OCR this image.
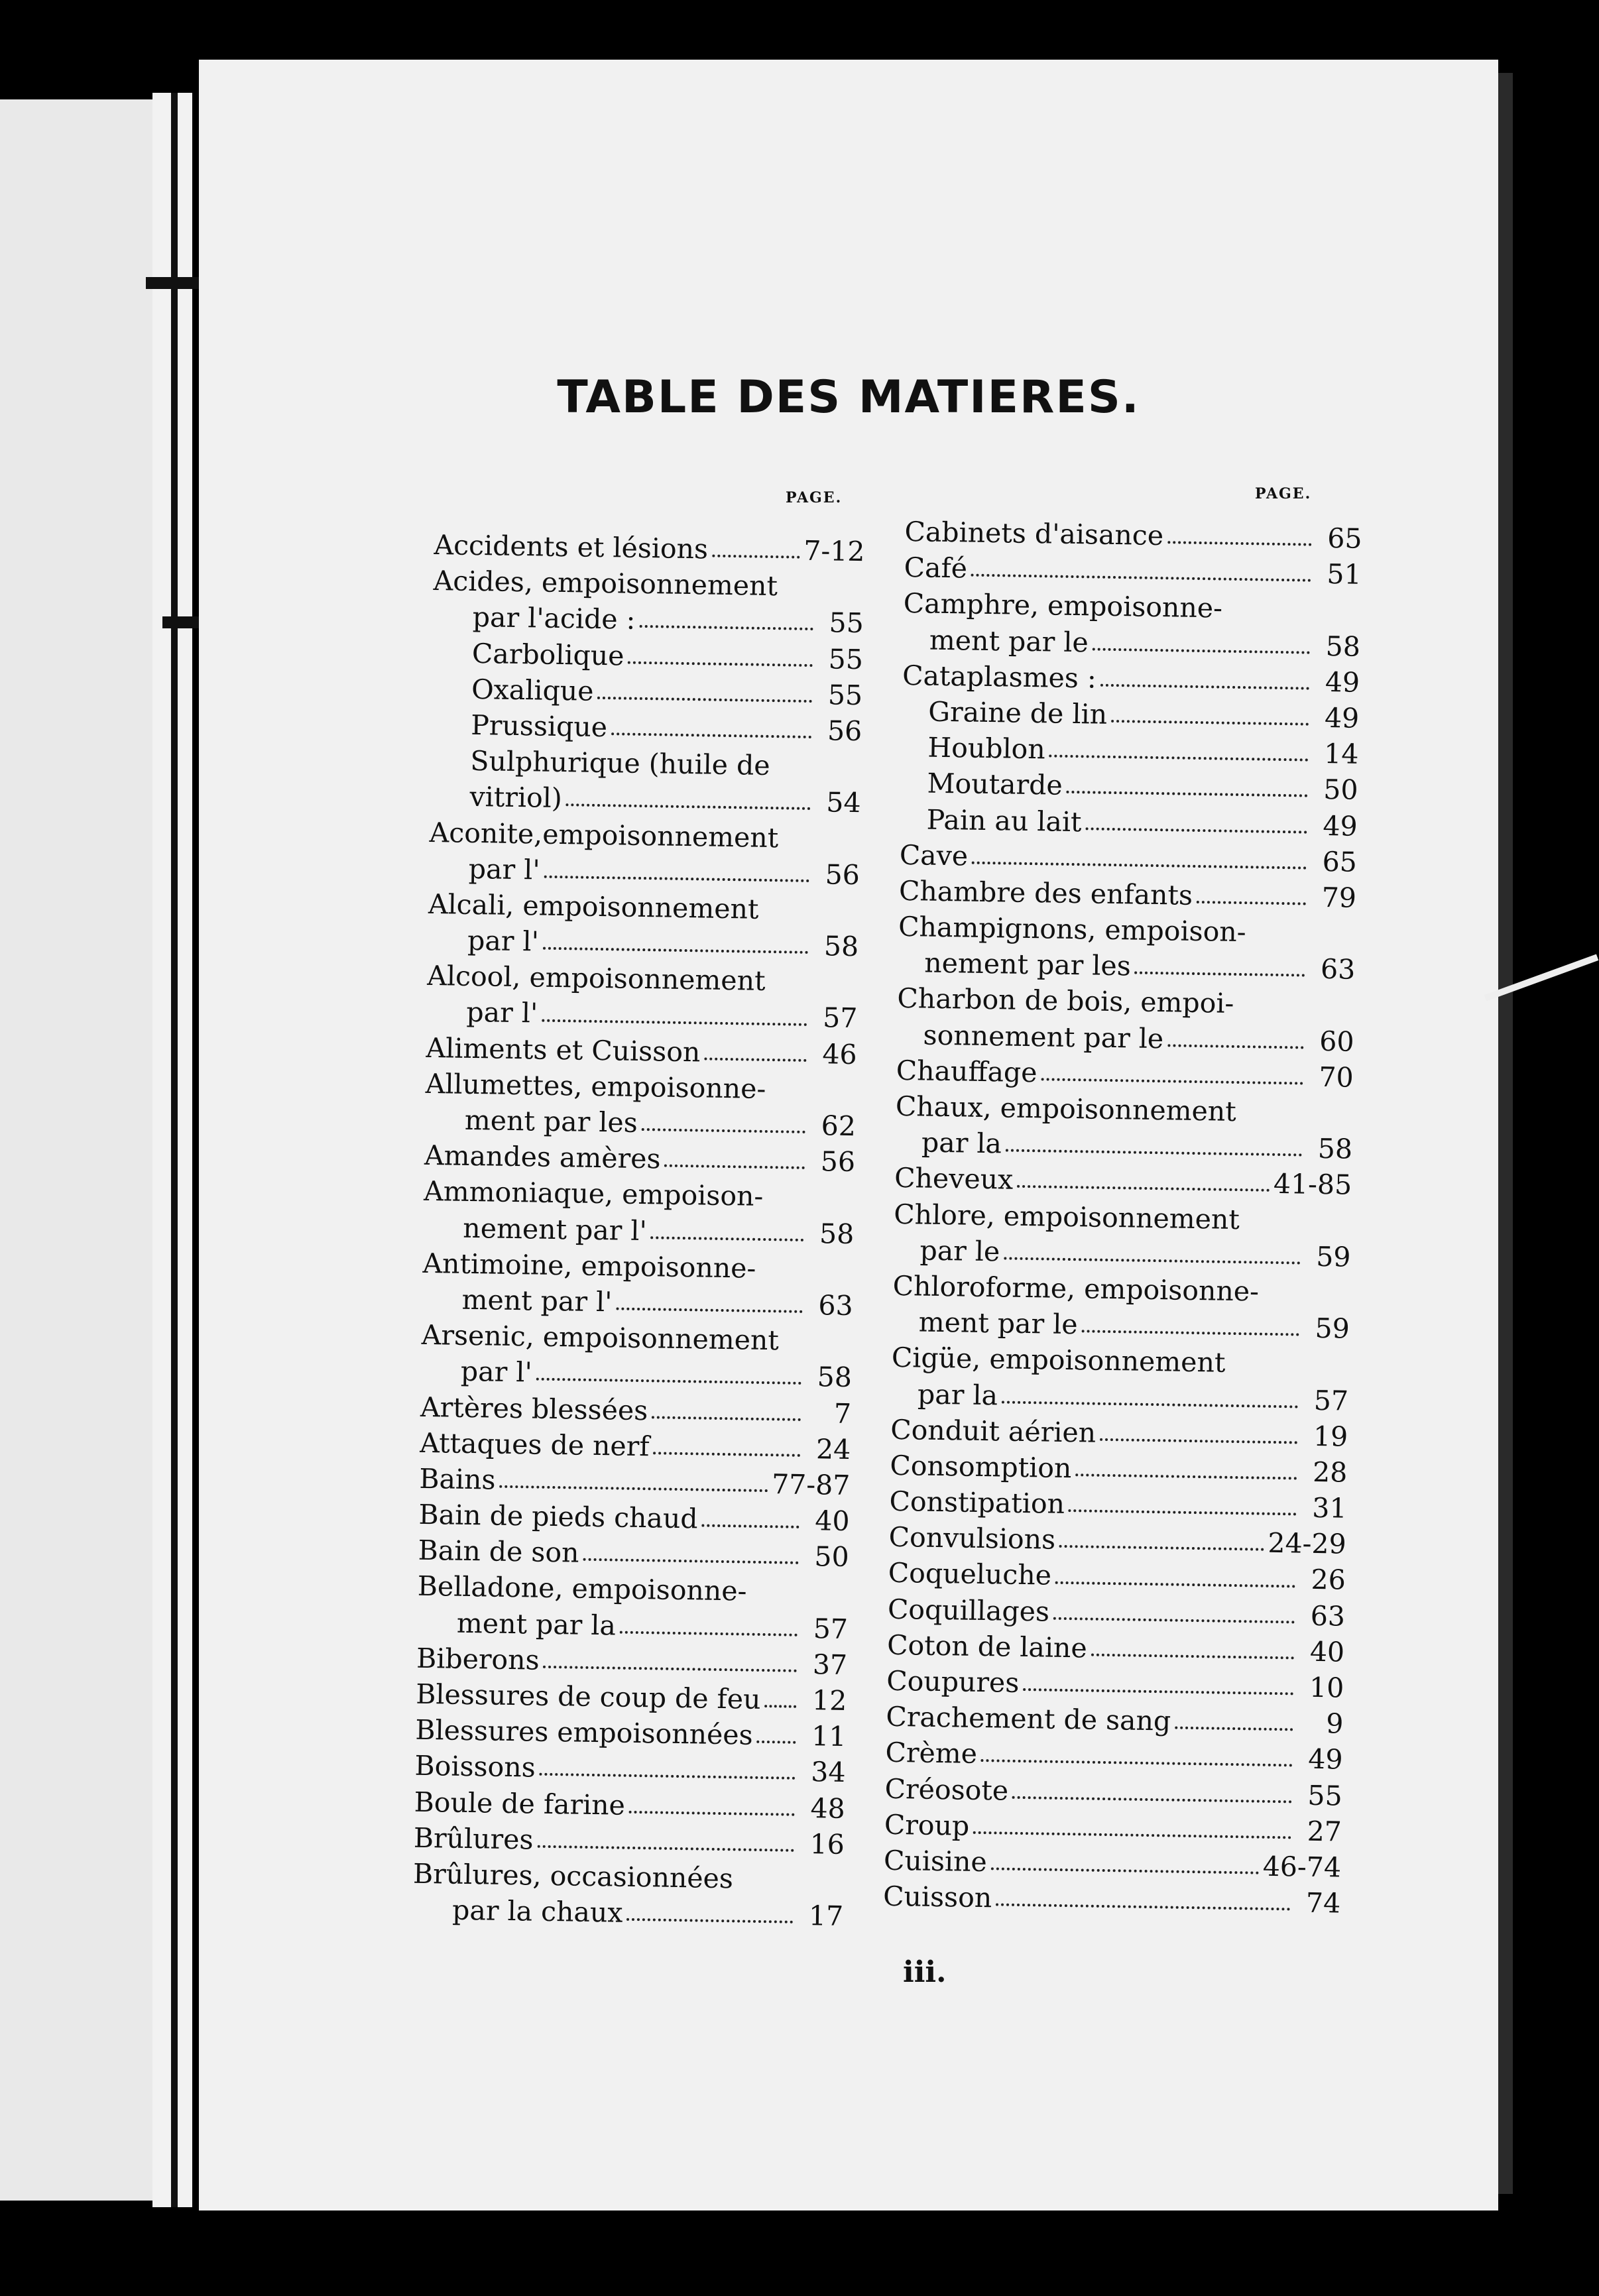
TABLE DES MATIERES.
PAGE.	PAGE.
Accidents et lésions	7-12
Acides, empoisonnement
par l'acide :	55
Carbolique	55
Oxalique	55
Prussique	56
Sulphurique (huile de
vitriol)	54
Aconite,empoisonnement
par l'	56
Alcali, empoisonnement
par l'	58
Alcool, empoisonnement
par l'	57
Aliments et Cuisson	46
Allumettes, empoisonne-
ment par les	62
Amandes amères	56
Ammoniaque, empoison-
nement par l'	58
Antimoine, empoisonne-
ment par l'	63
Arsenic, empoisonnement
par l'	58
Artères blessées	7
Attaques de nerf	24
Bains	77-87
Bain de pieds chaud	40
Bain de son	50
Belladone, empoisonne-
ment par la	57
Biberons	37
Blessures de coup de feu	12
Blessures empoisonnées	11
Boissons	34
Boule de farine	48
Brûlures	16
Brûlures, occasionnées
par la chaux	17
Cabinets d'aisance	65
Café	51
Camphre, empoisonne-
ment par le	58
Cataplasmes :	49
Graine de lin	49
Houblon	14
Moutarde	50
Pain au lait	49
Cave	65
Chambre des enfants	79
Champignons, empoison-
nement par les	63
Charbon de bois, empoi-
sonnement par le	60
Chauffage	70
Chaux, empoisonnement
par la	58
Cheveux	41-85
Chlore, empoisonnement
par le	59
Chloroforme, empoisonne-
ment par le	59
Cigüe, empoisonnement
par la	57
Conduit aérien	19
Consomption	28
Constipation	31
Convulsions	24-29
Coqueluche	26
Coquillages	63
Coton de laine	40
Coupures	10
Crachement de sang	9
Crème	49
Créosote	55
Croup	27
Cuisine	46-74
Cuisson	74
iii.
